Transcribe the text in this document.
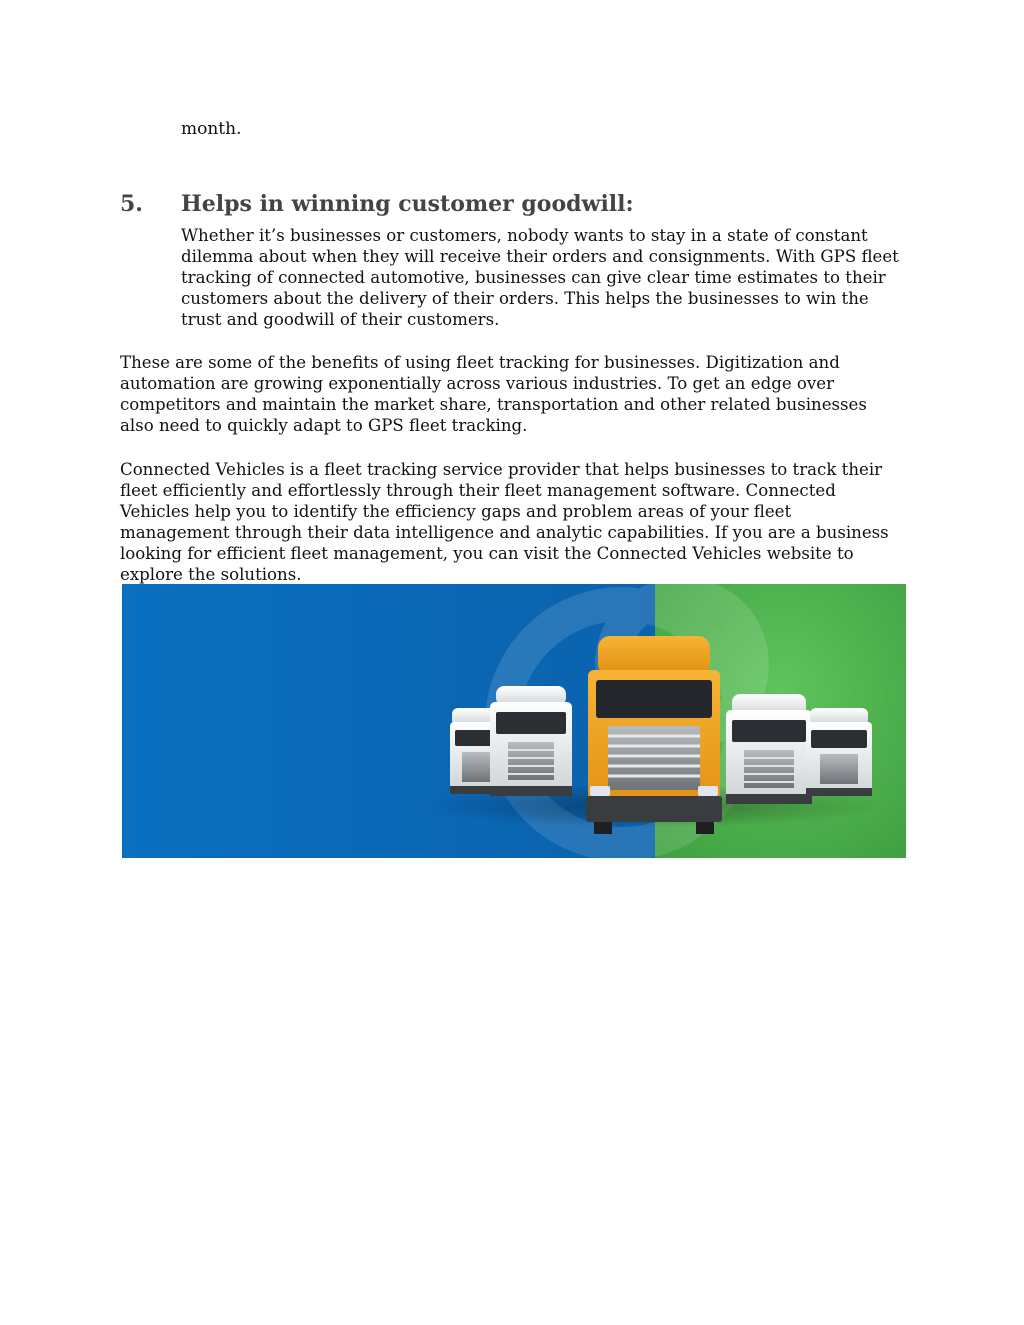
month.

5. Helps in winning customer goodwill:

Whether it’s businesses or customers, nobody wants to stay in a state of constant dilemma about when they will receive their orders and consignments. With GPS fleet tracking of connected automotive, businesses can give clear time estimates to their customers about the delivery of their orders. This helps the businesses to win the trust and goodwill of their customers.

These are some of the benefits of using fleet tracking for businesses. Digitization and automation are growing exponentially across various industries. To get an edge over competitors and maintain the market share, transportation and other related businesses also need to quickly adapt to GPS fleet tracking.

Connected Vehicles is a fleet tracking service provider that helps businesses to track their fleet efficiently and effortlessly through their fleet management software. Connected Vehicles help you to identify the efficiency gaps and problem areas of your fleet management through their data intelligence and analytic capabilities. If you are a business looking for efficient fleet management, you can visit the Connected Vehicles website to explore the solutions.
